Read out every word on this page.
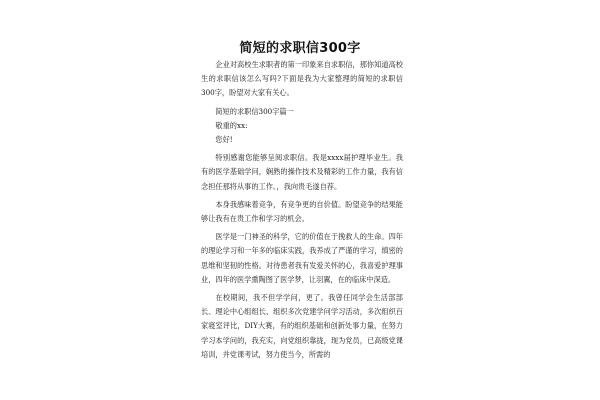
简短的求职信300字

企业对高校生求职者的第一印象来自求职信，那你知道高校生的求职信该怎么写吗?下面是我为大家整理的简短的求职信300字，盼望对大家有关心。

简短的求职信300字篇一

敬重的xx:

您好!

特别感谢您能够呈阅求职信。我是xxxx届护理毕业生。我有的医学基础学问，娴熟的操作技术及精彩的工作力量，我有信念担任那将从事的工作。，我向贵毛遂自荐。

本身我感味着竞争，有竞争更的自价值。盼望竞争的结果能够让我有在贵工作和学习的机会。

医学是一门神圣的科学，它的价值在于挽救人的生命。四年的理论学习和一年多的临床实践，我养成了严谨的学习，缜密的思维和坚韧的性格。对待患者我有发爱关怀的心，我喜爱护理事业，四年的医学熏陶图了医学梦，让羽翼，在的临床中深造。

在校期间，我不但学学问，更了。我曾任同学会生活部部长、理论中心组组长、组织多次党建学问学习活动，多次组织百家寝室评比，DIY大赛，有的组织基础和创新处事力量，在努力学习本学问的，我充实，向党组织靠拢，现为党员，已高级党课培训，并党课考试，努力使当今，所需的
